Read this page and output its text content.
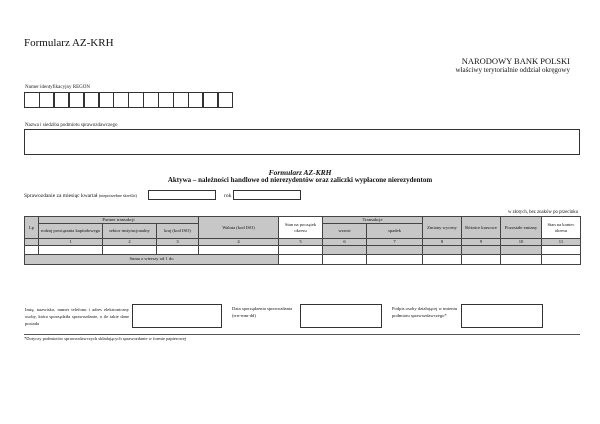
Formularz AZ-KRH
NARODOWY BANK POLSKI
właściwy terytorialnie oddział okręgowy
Numer identyfikacyjny REGON
Nazwa i siedziba podmiotu sprawozdawczego
Formularz AZ-KRH
Aktywa – należności handlowe od nierezydentów oraz zaliczki wypłacone nierezydentom
Sprawozdanie za miesiąc kwartał (niepotrzebne skreślić)	rok
w złotych, bez znaków po przecinku
Lp	Partner transakcji			Waluta (kod ISO)	Stan na początek okresu	Transakcje		Zmiany wyceny	Różnice kursowe	Pozostałe zmiany	Stan na koniec okresu
	rodzaj powiązania kapitałowego	sektor instytucjonalny	kraj (kod ISO)			wzrost	spadek				
	1	2	3	4	5	6	7	8	9	10	11

Suma z wierszy od 1 do											
Imię, nazwisko, numer telefonu i adres elektroniczny osoby, która sporządziła sprawozdanie, o ile takie dane posiada
Data sporządzenia sprawozdania (rrrr-mm-dd)
Podpis osoby działającej w imieniu podmiotu sprawozdawczego*
*Dotyczy podmiotów sprawozdawczych składających sprawozdanie w formie papierowej
